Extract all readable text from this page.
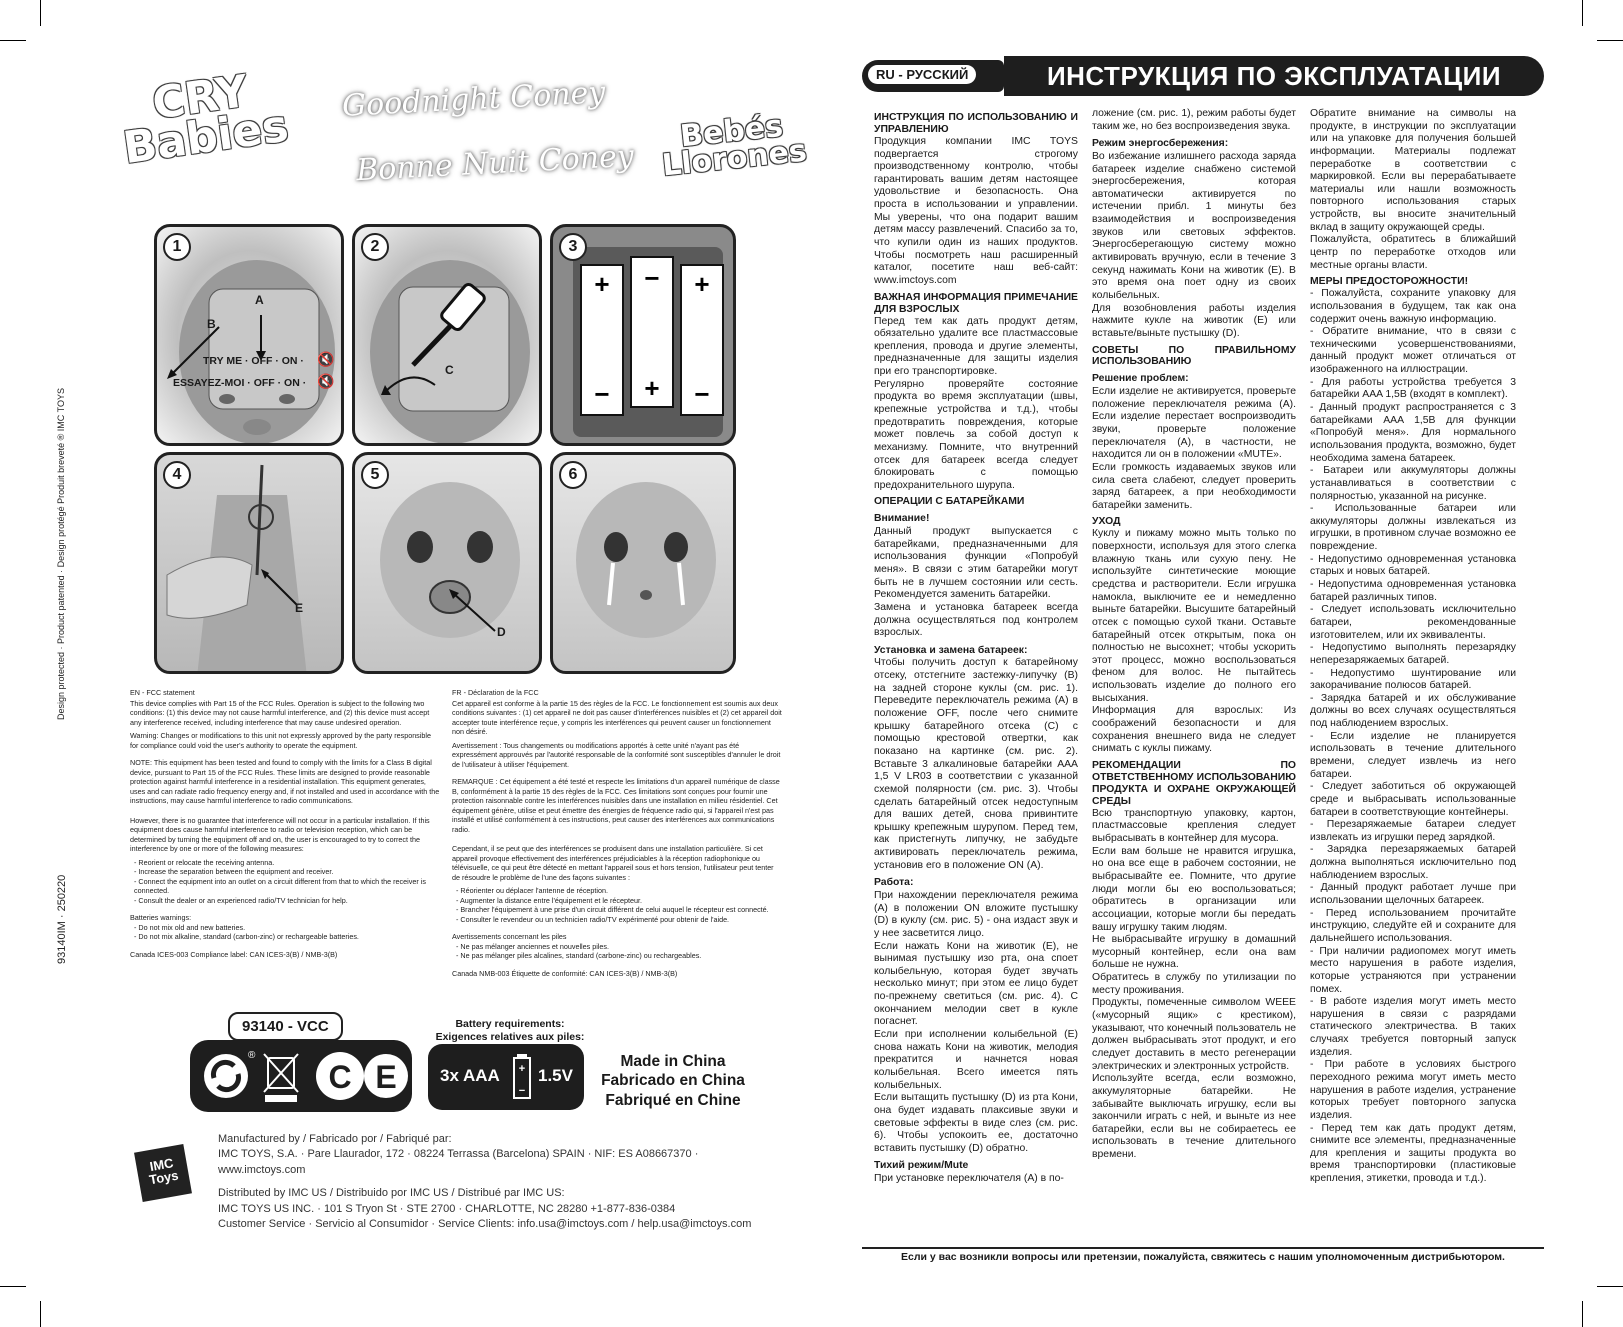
Design protected · Product patented · Design protégé Produit breveté ® IMC TOYS
93140IM · 250220
CRY Babies
Goodnight Coney
Bonne Nuit Coney
Bebés Llorones
1
A
B
TRY ME · OFF · ON ·
ESSAYEZ-MOI · OFF · ON ·
🔇
🔇
2
C
+
−
−
+
+
−
3
4
E
5
D
6

EN - FCC statement

This device complies with Part 15 of the FCC Rules. Operation is subject to the following two conditions: (1) this device may not cause harmful interference, and (2) this device must accept any interference received, including interference that may cause undesired operation.

Warning: Changes or modifications to this unit not expressly approved by the party responsible for compliance could void the user's authority to operate the equipment.

NOTE: This equipment has been tested and found to comply with the limits for a Class B digital device, pursuant to Part 15 of the FCC Rules. These limits are designed to provide reasonable protection against harmful interference in a residential installation. This equipment generates, uses and can radiate radio frequency energy and, if not installed and used in accordance with the instructions, may cause harmful interference to radio communications.

However, there is no guarantee that interference will not occur in a particular installation. If this equipment does cause harmful interference to radio or television reception, which can be determined by turning the equipment off and on, the user is encouraged to try to correct the interference by one or more of the following measures:

- Reorient or relocate the receiving antenna.
- Increase the separation between the equipment and receiver.
- Connect the equipment into an outlet on a circuit different from that to which the receiver is connected.
- Consult the dealer or an experienced radio/TV technician for help.

Batteries warnings:

- Do not mix old and new batteries.
- Do not mix alkaline, standard (carbon-zinc) or rechargeable batteries.

Canada ICES-003 Compliance label: CAN ICES-3(B) / NMB-3(B)

FR - Déclaration de la FCC

Cet appareil est conforme à la partie 15 des règles de la FCC. Le fonctionnement est soumis aux deux conditions suivantes : (1) cet appareil ne doit pas causer d'interférences nuisibles et (2) cet appareil doit accepter toute interférence reçue, y compris les interférences qui peuvent causer un fonctionnement non désiré.

Avertissement : Tous changements ou modifications apportés à cette unité n'ayant pas été expressément approuvés par l'autorité responsable de la conformité sont susceptibles d'annuler le droit de l'utilisateur à utiliser l'équipement.

REMARQUE : Cet équipement a été testé et respecte les limitations d'un appareil numérique de classe B, conformément à la partie 15 des règles de la FCC. Ces limitations sont conçues pour fournir une protection raisonnable contre les interférences nuisibles dans une installation en milieu résidentiel. Cet équipement génère, utilise et peut émettre des énergies de fréquence radio qui, si l'appareil n'est pas installé et utilisé conformément à ces instructions, peut causer des interférences aux communications radio.

Cependant, il se peut que des interférences se produisent dans une installation particulière. Si cet appareil provoque effectivement des interférences préjudiciables à la réception radiophonique ou télévisuelle, ce qui peut être détecté en mettant l'appareil sous et hors tension, l'utilisateur peut tenter de résoudre le problème de l'une des façons suivantes :

- Réorienter ou déplacer l'antenne de réception.
- Augmenter la distance entre l'équipement et le récepteur.
- Brancher l'équipement à une prise d'un circuit différent de celui auquel le récepteur est connecté.
- Consulter le revendeur ou un technicien radio/TV expérimenté pour obtenir de l'aide.

Avertissements concernant les piles

- Ne pas mélanger anciennes et nouvelles piles.
- Ne pas mélanger piles alcalines, standard (carbone-zinc) ou rechargeables.

Canada NMB-003 Étiquette de conformité: CAN ICES-3(B) / NMB-3(B)

93140 - VCC
®
C E
Battery requirements:
Exigences relatives aux piles:
3x AAA +
−
1.5V
Made in China
Fabricado en China
Fabriqué en Chine
IMC Toys
Manufactured by / Fabricado por / Fabriqué par:
IMC TOYS, S.A. · Pare Llaurador, 172 · 08224 Terrassa (Barcelona) SPAIN · NIF: ES A08667370 · www.imctoys.com
Distributed by IMC US / Distribuido por IMC US / Distribué par IMC US:
IMC TOYS US INC. · 101 S Tryon St · STE 2700 · CHARLOTTE, NC 28280 +1-877-836-0384
Customer Service · Servicio al Consumidor · Service Clients: info.usa@imctoys.com / help.usa@imctoys.com
RU - РУССКИЙ	ИНСТРУКЦИЯ ПО ЭКСПЛУАТАЦИИ
ИНСТРУКЦИЯ ПО ИСПОЛЬЗОВАНИЮ И УПРАВЛЕНИЮ

Продукция компании IMC TOYS подвергается строгому производственному контролю, чтобы гарантировать вашим детям настоящее удовольствие и безопасность. Она проста в использовании и управлении. Мы уверены, что она подарит вашим детям массу развлечений. Спасибо за то, что купили один из наших продуктов. Чтобы посмотреть наш расширенный каталог, посетите наш веб-сайт: www.imctoys.com

ВАЖНАЯ ИНФОРМАЦИЯ ПРИМЕЧАНИЕ ДЛЯ ВЗРОСЛЫХ

Перед тем как дать продукт детям, обязательно удалите все пластмассовые крепления, провода и другие элементы, предназначенные для защиты изделия при его транспортировке.

Регулярно проверяйте состояние продукта во время эксплуатации (швы, крепежные устройства и т.д.), чтобы предотвратить повреждения, которые может повлечь за собой доступ к механизму. Помните, что внутренний отсек для батареек всегда следует блокировать с помощью предохранительного шурупа.

ОПЕРАЦИИ С БАТАРЕЙКАМИ
Внимание!

Данный продукт выпускается с батарейками, предназначенными для использования функции «Попробуй меня». В связи с этим батарейки могут быть не в лучшем состоянии или сесть. Рекомендуется заменить батарейки.

Замена и установка батареек всегда должна осуществляться под контролем взрослых.

Установка и замена батареек:

Чтобы получить доступ к батарейному отсеку, отстегните застежку-липучку (B) на задней стороне куклы (см. рис. 1). Переведите переключатель режима (A) в положение OFF, после чего снимите крышку батарейного отсека (C) с помощью крестовой отвертки, как показано на картинке (см. рис. 2). Вставьте 3 алкалиновые батарейки AAA 1,5 V LR03 в соответствии с указанной схемой полярности (см. рис. 3). Чтобы сделать батарейный отсек недоступным для ваших детей, снова привинтите крышку крепежным шурупом. Перед тем, как пристегнуть липучку, не забудьте активировать переключатель режима, установив его в положение ON (A).

Работа:

При нахождении переключателя режима (A) в положении ON вложите пустышку (D) в куклу (см. рис. 5) - она издаст звук и у нее засветится лицо.

Если нажать Кони на животик (E), не вынимая пустышку изо рта, она споет колыбельную, которая будет звучать несколько минут; при этом ее лицо будет по-прежнему светиться (см. рис. 4). С окончанием мелодии свет в кукле погаснет.

Если при исполнении колыбельной (E) снова нажать Кони на животик, мелодия прекратится и начнется новая колыбельная. Всего имеется пять колыбельных.

Если вытащить пустышку (D) из рта Кони, она будет издавать плаксивые звуки и световые эффекты в виде слез (см. рис. 6). Чтобы успокоить ее, достаточно вставить пустышку (D) обратно.

Тихий режим/Mute

При установке переключателя (A) в по-

ложение (см. рис. 1), режим работы будет таким же, но без воспроизведения звука.

Режим энергосбережения:

Во избежание излишнего расхода заряда батареек изделие снабжено системой энергосбережения, которая автоматически активируется по истечении прибл. 1 минуты без взаимодействия и воспроизведения звуков или световых эффектов. Энергосберегающую систему можно активировать вручную, если в течение 3 секунд нажимать Кони на животик (E). В это время она поет одну из своих колыбельных.

Для возобновления работы изделия нажмите кукле на животик (E) или вставьте/выньте пустышку (D).

СОВЕТЫ ПО ПРАВИЛЬНОМУ ИСПОЛЬЗОВАНИЮ
Решение проблем:

Если изделие не активируется, проверьте положение переключателя режима (A). Если изделие перестает воспроизводить звуки, проверьте положение переключателя (A), в частности, не находится ли он в положении «MUTE».

Если громкость издаваемых звуков или сила света слабеют, следует проверить заряд батареек, а при необходимости батарейки заменить.

УХОД

Куклу и пижаму можно мыть только по поверхности, используя для этого слегка влажную ткань или сухую пену. Не используйте синтетические моющие средства и растворители. Если игрушка намокла, выключите ее и немедленно выньте батарейки. Высушите батарейный отсек с помощью сухой ткани. Оставьте батарейный отсек открытым, пока он полностью не высохнет; чтобы ускорить этот процесс, можно воспользоваться феном для волос. Не пытайтесь использовать изделие до полного его высыхания.

Информация для взрослых: Из соображений безопасности и для сохранения внешнего вида не следует снимать с куклы пижаму.

РЕКОМЕНДАЦИИ ПО ОТВЕТСТВЕННОМУ ИСПОЛЬЗОВАНИЮ ПРОДУКТА И ОХРАНЕ ОКРУЖАЮЩЕЙ СРЕДЫ

Всю транспортную упаковку, картон, пластмассовые крепления следует выбрасывать в контейнер для мусора.

Если вам больше не нравится игрушка, но она все еще в рабочем состоянии, не выбрасывайте ее. Помните, что другие люди могли бы ею воспользоваться; обратитесь в организации или ассоциации, которые могли бы передать вашу игрушку таким людям.

Не выбрасывайте игрушку в домашний мусорный контейнер, если она вам больше не нужна.

Обратитесь в службу по утилизации по месту проживания.

Продукты, помеченные символом WEEE («мусорный ящик» с крестиком), указывают, что конечный пользователь не должен выбрасывать этот продукт, и его следует доставить в место регенерации электрических и электронных устройств.

Используйте всегда, если возможно, аккумуляторные батарейки. Не забывайте выключать игрушку, если вы закончили играть с ней, и выньте из нее батарейки, если вы не собираетесь ее использовать в течение длительного времени.

Обратите внимание на символы на продукте, в инструкции по эксплуатации или на упаковке для получения большей информации. Материалы подлежат переработке в соответствии с маркировкой. Если вы перерабатываете материалы или нашли возможность повторного использования старых устройств, вы вносите значительный вклад в защиту окружающей среды.

Пожалуйста, обратитесь в ближайший центр по переработке отходов или местные органы власти.

МЕРЫ ПРЕДОСТОРОЖНОСТИ!

- Пожалуйста, сохраните упаковку для использования в будущем, так как она содержит очень важную информацию.

- Обратите внимание, что в связи с техническими усовершенствованиями, данный продукт может отличаться от изображенного на иллюстрации.

- Для работы устройства требуется 3 батарейки AAA 1,5В (входят в комплект).

- Данный продукт распространяется с 3 батарейками AAA 1,5В для функции «Попробуй меня». Для нормального использования продукта, возможно, будет необходима замена батареек.

- Батареи или аккумуляторы должны устанавливаться в соответствии с полярностью, указанной на рисунке.

- Использованные батареи или аккумуляторы должны извлекаться из игрушки, в противном случае возможно ее повреждение.

- Недопустимо одновременная установка старых и новых батарей.

- Недопустима одновременная установка батарей различных типов.

- Следует использовать исключительно батареи, рекомендованные изготовителем, или их эквиваленты.

- Недопустимо выполнять перезарядку неперезаряжаемых батарей.

- Недопустимо шунтирование или закорачивание полюсов батарей.

- Зарядка батарей и их обслуживание должны во всех случаях осуществляться под наблюдением взрослых.

- Если изделие не планируется использовать в течение длительного времени, следует извлечь из него батареи.

- Следует заботиться об окружающей среде и выбрасывать использованные батареи в соответствующие контейнеры.

- Перезаряжаемые батареи следует извлекать из игрушки перед зарядкой.

- Зарядка перезаряжаемых батарей должна выполняться исключительно под наблюдением взрослых.

- Данный продукт работает лучше при использовании щелочных батареек.

- Перед использованием прочитайте инструкцию, следуйте ей и сохраните для дальнейшего использования.

- При наличии радиопомех могут иметь место нарушения в работе изделия, которые устраняются при устранении помех.

- В работе изделия могут иметь место нарушения в связи с разрядами статического электричества. В таких случаях требуется повторный запуск изделия.

- При работе в условиях быстрого переходного режима могут иметь место нарушения в работе изделия, устранение которых требует повторного запуска изделия.

- Перед тем как дать продукт детям, снимите все элементы, предназначенные для крепления и защиты продукта во время транспортировки (пластиковые крепления, этикетки, провода и т.д.).

Если у вас возникли вопросы или претензии, пожалуйста, свяжитесь с нашим уполномоченным дистрибьютором.
